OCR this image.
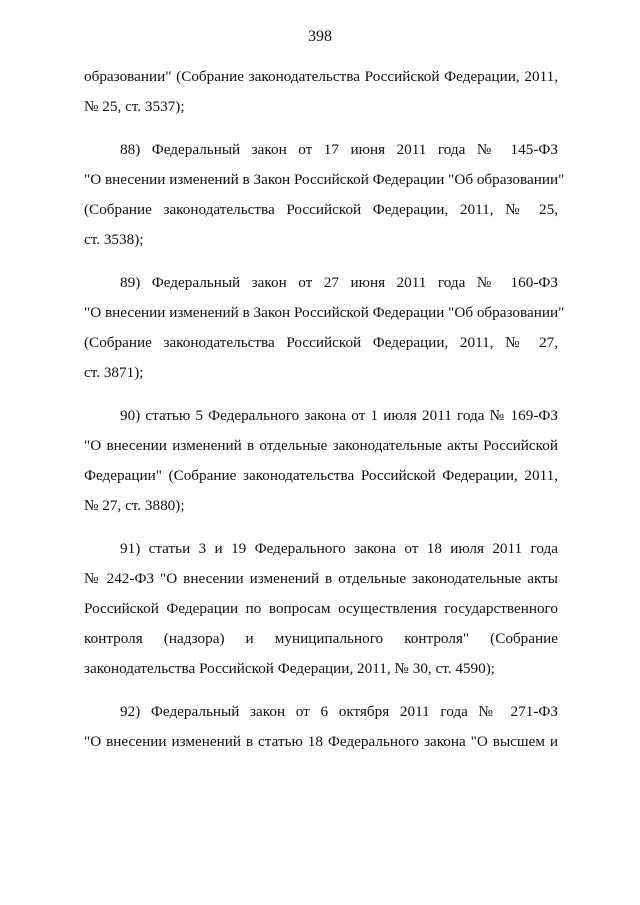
398
образовании" (Собрание законодательства Российской Федерации, 2011,
№ 25, ст. 3537);
88) Федеральный закон от 17 июня 2011 года № 145-ФЗ
"О внесении изменений в Закон Российской Федерации "Об образовании"
(Собрание законодательства Российской Федерации, 2011, № 25,
ст. 3538);
89) Федеральный закон от 27 июня 2011 года № 160-ФЗ
"О внесении изменений в Закон Российской Федерации "Об образовании"
(Собрание законодательства Российской Федерации, 2011, № 27,
ст. 3871);
90) статью 5 Федерального закона от 1 июля 2011 года № 169-ФЗ
"О внесении изменений в отдельные законодательные акты Российской
Федерации" (Собрание законодательства Российской Федерации, 2011,
№ 27, ст. 3880);
91) статьи 3 и 19 Федерального закона от 18 июля 2011 года
№ 242-ФЗ "О внесении изменений в отдельные законодательные акты
Российской Федерации по вопросам осуществления государственного
контроля (надзора) и муниципального контроля" (Собрание
законодательства Российской Федерации, 2011, № 30, ст. 4590);
92) Федеральный закон от 6 октября 2011 года № 271-ФЗ
"О внесении изменений в статью 18 Федерального закона "О высшем и
